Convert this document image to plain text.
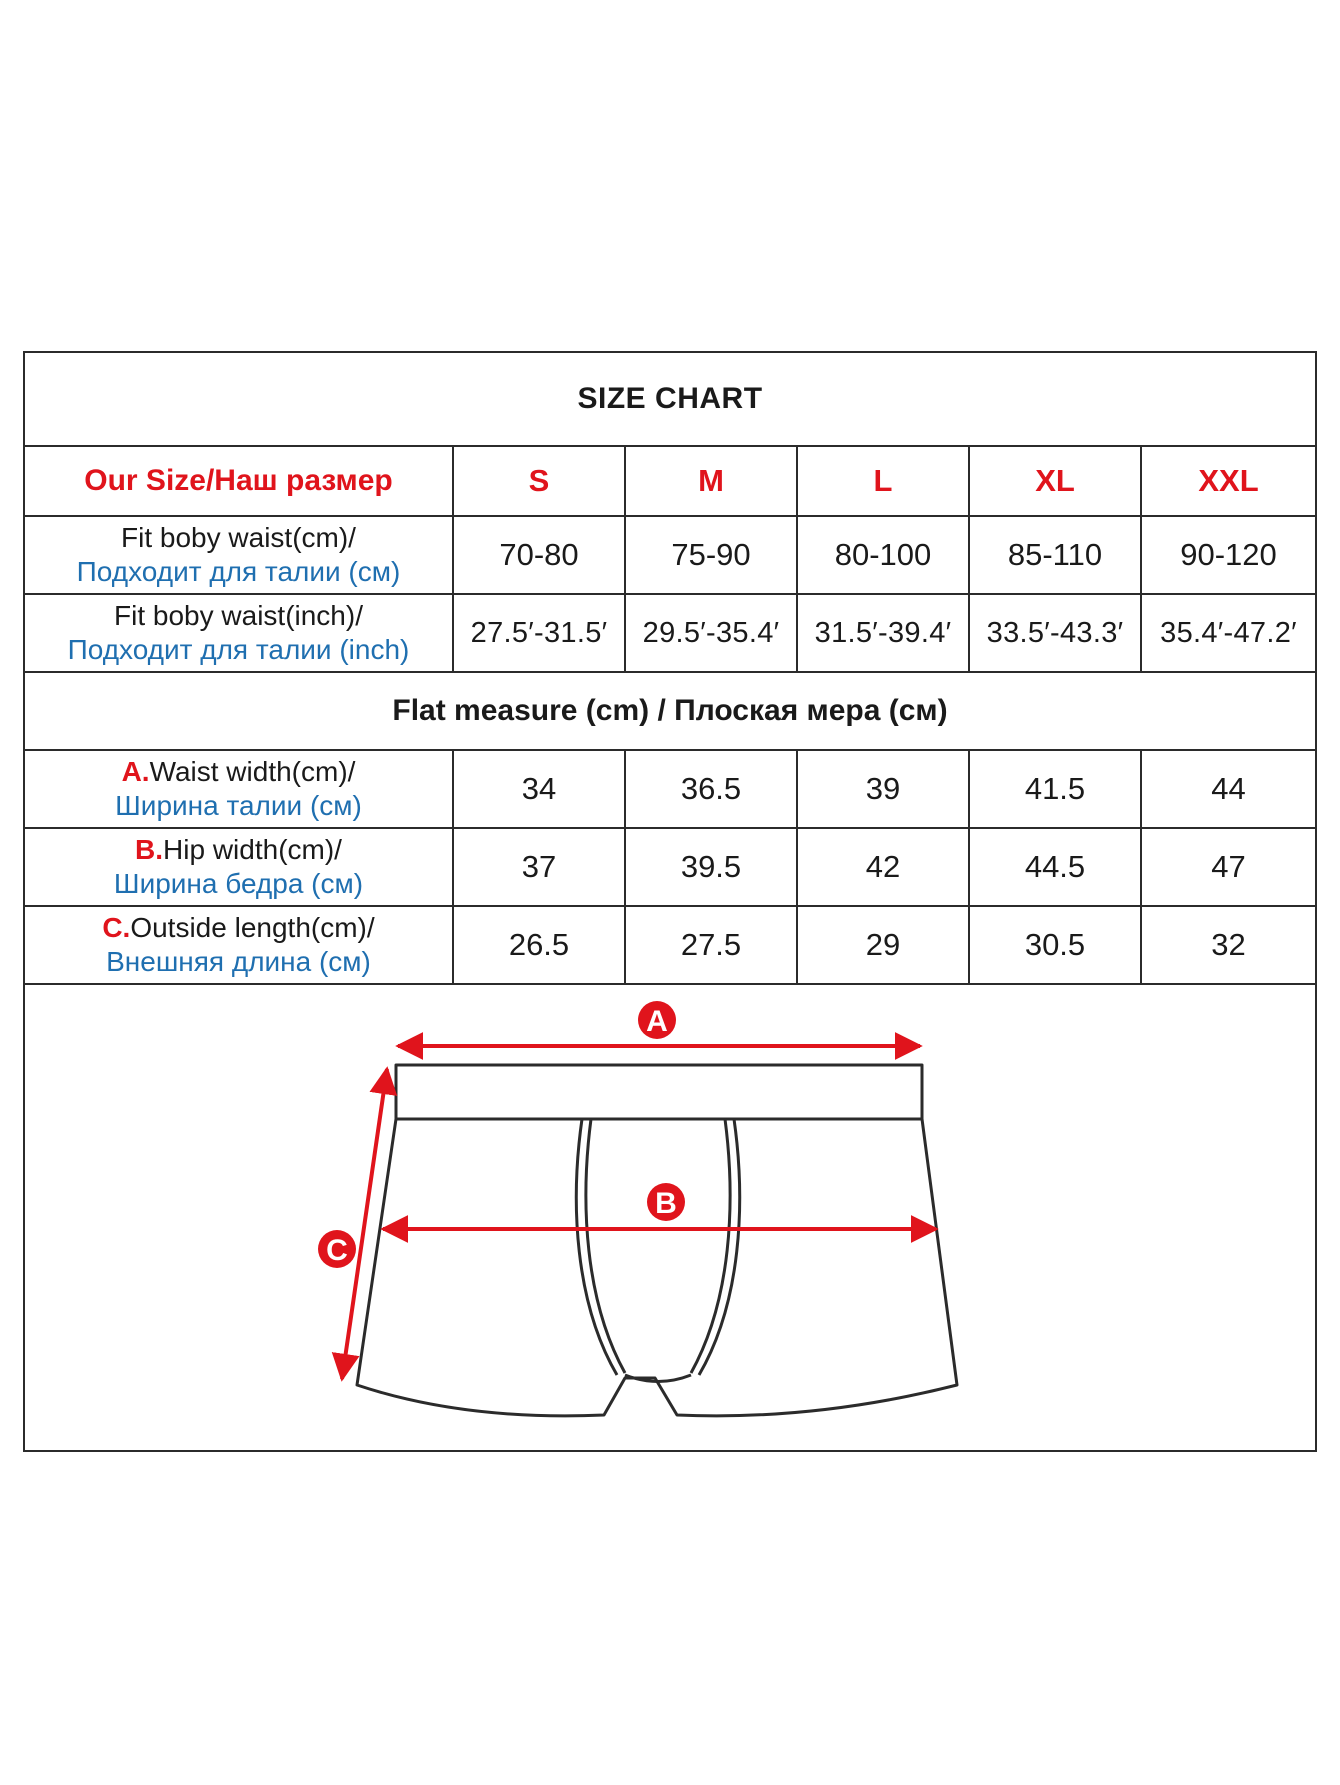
SIZE CHART					
Our Size/Наш размер	S	M	L	XL	XXL

Fit boby waist(cm)/
Подходит для талии (см)	70-80	75-90	80-100	85-110	90-120

Fit boby waist(inch)/
Подходит для талии (inch)	27.5′-31.5′	29.5′-35.4′	31.5′-39.4′	33.5′-43.3′	35.4′-47.2′
Flat measure (cm) / Плоская мера (см)					

A.Waist width(cm)/
Ширина талии (см)	34	36.5	39	41.5	44

B.Hip width(cm)/
Ширина бедра (см)	37	39.5	42	44.5	47

C.Outside length(cm)/
Внешняя длина (см)	26.5	27.5	29	30.5	32
A
B
C
